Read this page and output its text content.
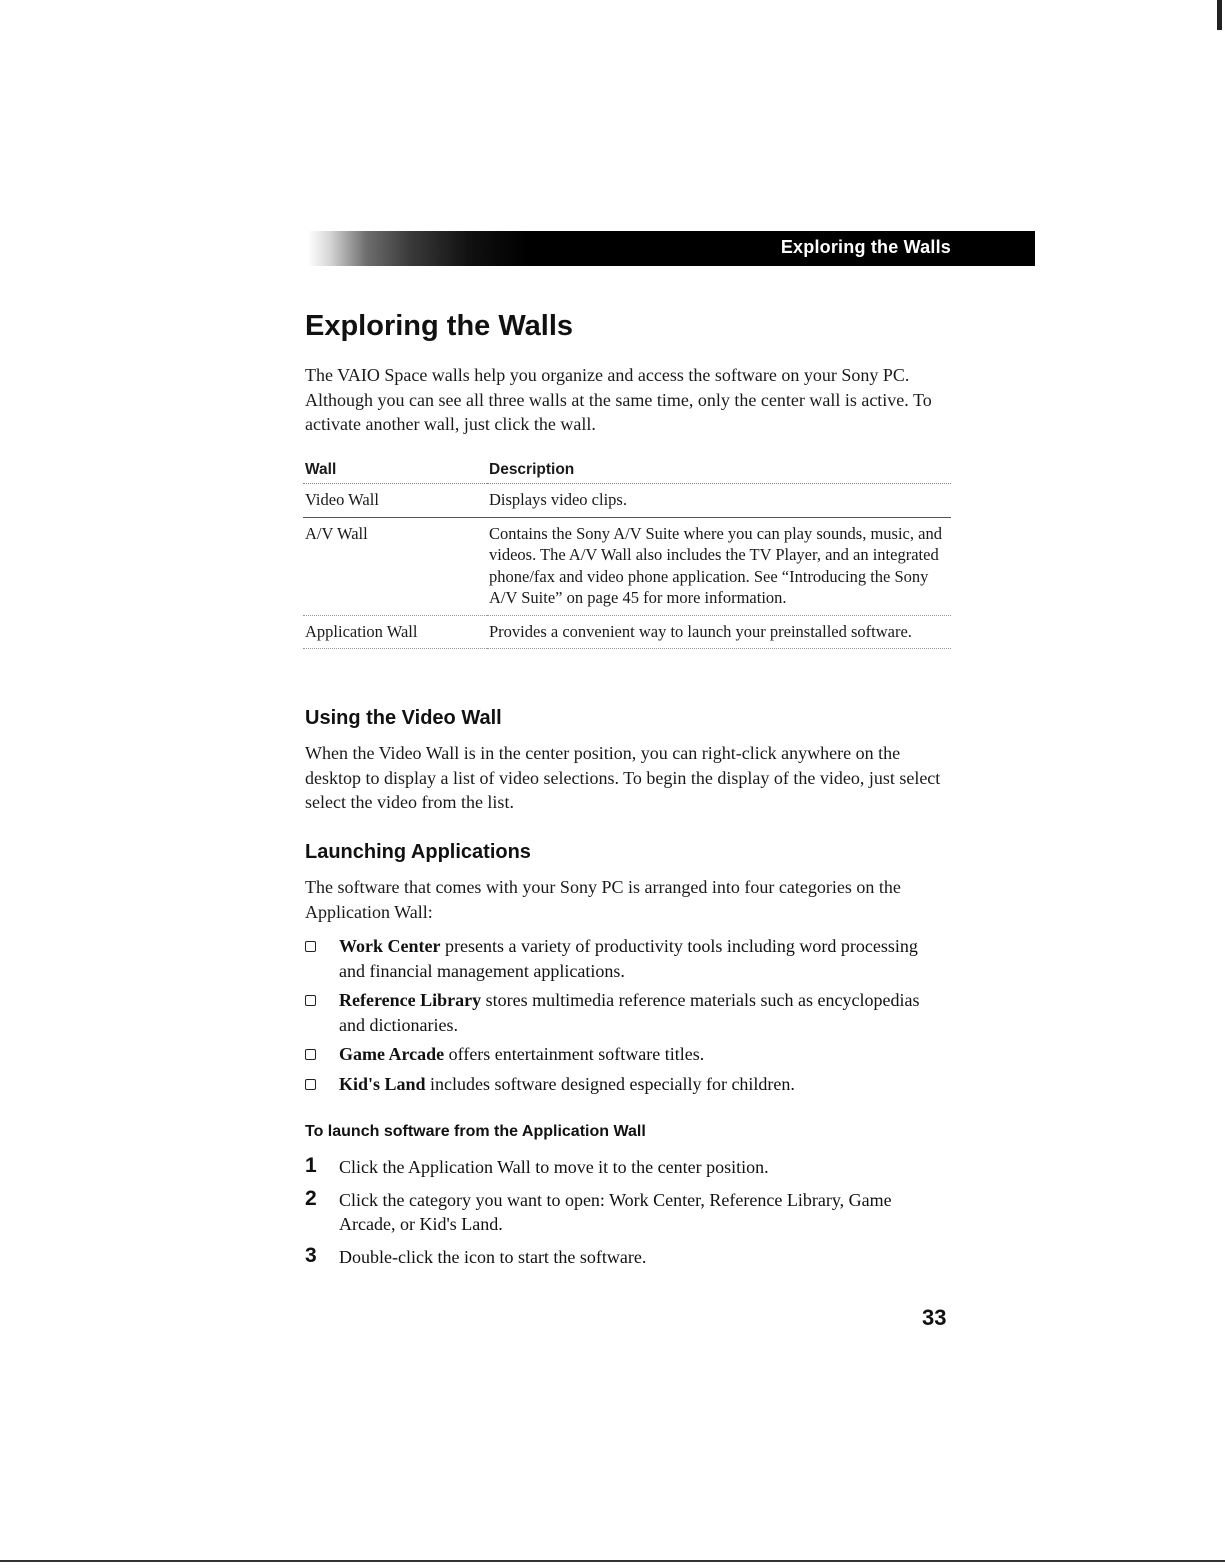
Exploring the Walls
Exploring the Walls

The VAIO Space walls help you organize and access the software on your Sony PC. Although you can see all three walls at the same time, only the center wall is active. To activate another wall, just click the wall.

Wall	Description
Video Wall	Displays video clips.
A/V Wall	Contains the Sony A/V Suite where you can play sounds, music, and videos. The A/V Wall also includes the TV Player, and an integrated phone/fax and video phone application. See “Introducing the Sony A/V Suite” on page 45 for more information.
Application Wall	Provides a convenient way to launch your preinstalled software.
Using the Video Wall

When the Video Wall is in the center position, you can right-click anywhere on the desktop to display a list of video selections. To begin the display of the video, just select select the video from the list.

Launching Applications

The software that comes with your Sony PC is arranged into four categories on the Application Wall:

Work Center presents a variety of productivity tools including word processing and financial management applications.
Reference Library stores multimedia reference materials such as encyclopedias and dictionaries.
Game Arcade offers entertainment software titles.
Kid's Land includes software designed especially for children.
To launch software from the Application Wall
1 Click the Application Wall to move it to the center position.
2 Click the category you want to open: Work Center, Reference Library, Game Arcade, or Kid's Land.
3 Double-click the icon to start the software.

33
